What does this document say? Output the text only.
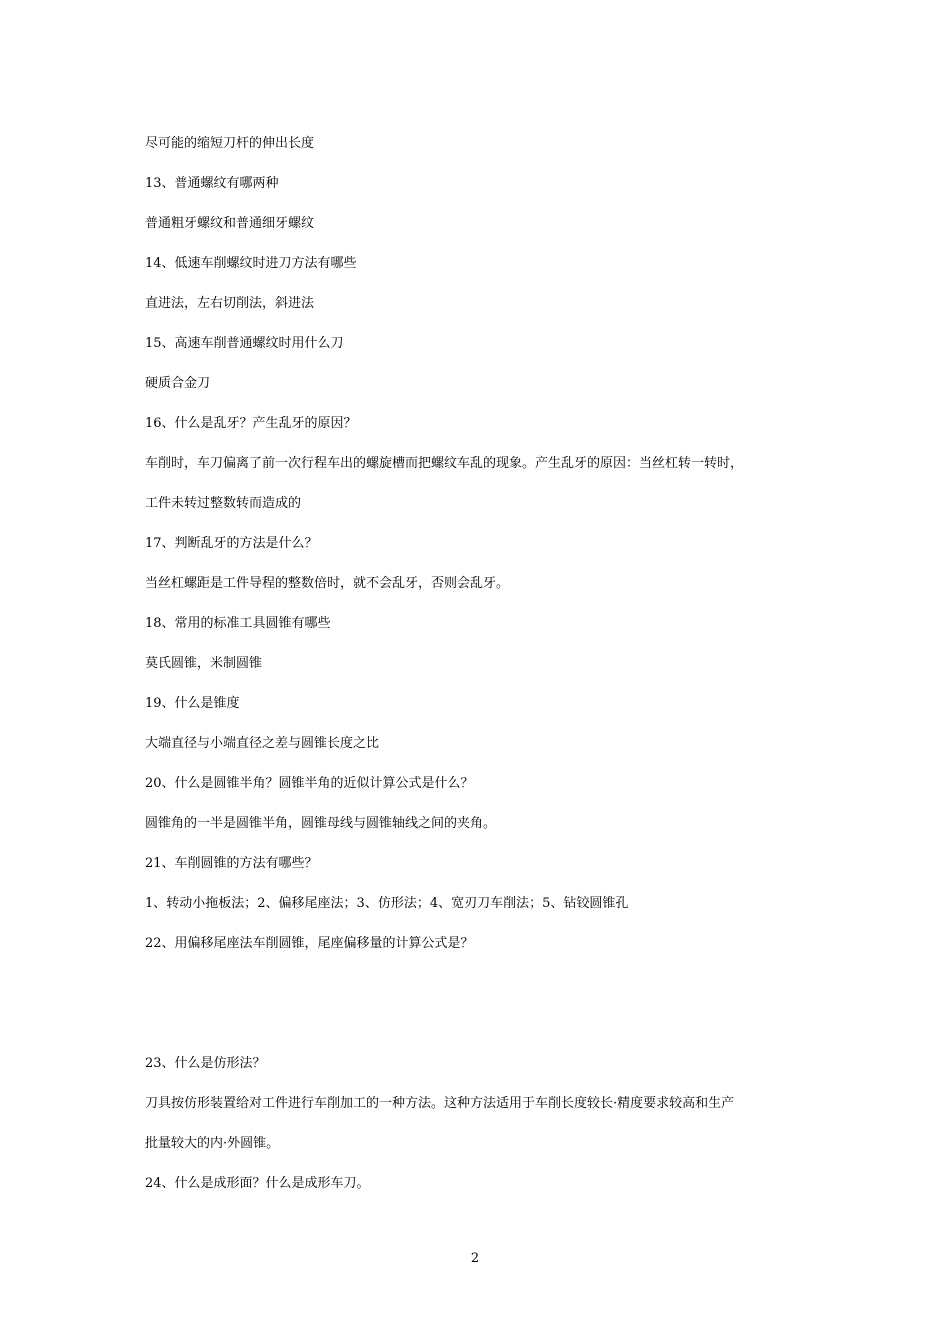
尽可能的缩短刀杆的伸出长度
13、普通螺纹有哪两种
普通粗牙螺纹和普通细牙螺纹
14、低速车削螺纹时进刀方法有哪些
直进法，左右切削法，斜进法
15、高速车削普通螺纹时用什么刀
硬质合金刀
16、什么是乱牙？产生乱牙的原因？
车削时，车刀偏离了前一次行程车出的螺旋槽而把螺纹车乱的现象。产生乱牙的原因：当丝杠转一转时，
工件未转过整数转而造成的
17、判断乱牙的方法是什么？
当丝杠螺距是工件导程的整数倍时，就不会乱牙，否则会乱牙。
18、常用的标准工具圆锥有哪些
莫氏圆锥，米制圆锥
19、什么是锥度
大端直径与小端直径之差与圆锥长度之比
20、什么是圆锥半角？圆锥半角的近似计算公式是什么？
圆锥角的一半是圆锥半角，圆锥母线与圆锥轴线之间的夹角。
21、车削圆锥的方法有哪些？
1、转动小拖板法；2、偏移尾座法；3、仿形法；4、宽刃刀车削法；5、钻铰圆锥孔
22、用偏移尾座法车削圆锥，尾座偏移量的计算公式是？
23、什么是仿形法？
刀具按仿形装置给对工件进行车削加工的一种方法。这种方法适用于车削长度较长·精度要求较高和生产
批量较大的内·外圆锥。
24、什么是成形面？什么是成形车刀。
2
